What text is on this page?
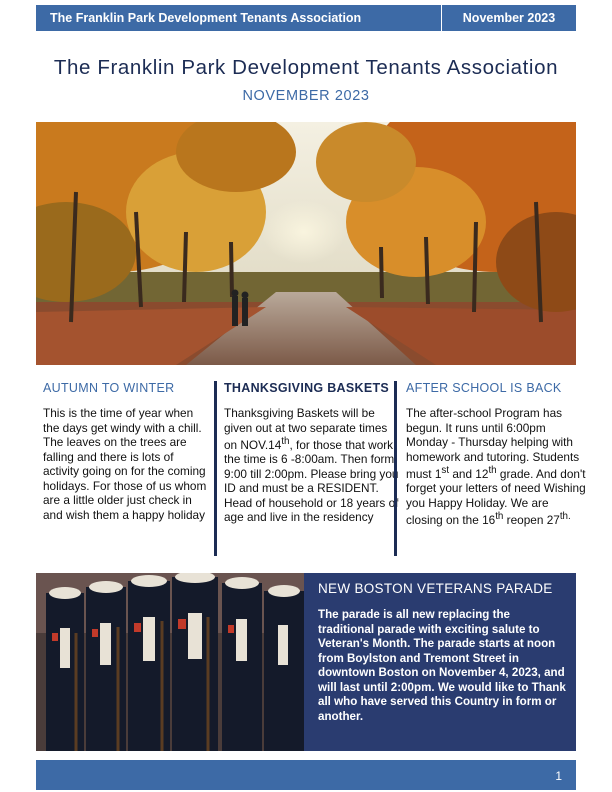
The Franklin Park Development Tenants Association	November 2023
The Franklin Park Development Tenants Association
NOVEMBER 2023
AUTUMN TO WINTER

This is the time of year when the days get windy with a chill. The leaves on the trees are falling and there is lots of activity going on for the coming holidays. For those of us whom are a little older just check in and wish them a happy holiday

THANKSGIVING BASKETS

Thanksgiving Baskets will be given out at two separate times on NOV.14th, for those that work the time is 6 -8:00am. Then form 9:00 till 2:00pm. Please bring you ID and must be a RESIDENT. Head of household or 18 years of age and live in the residency

AFTER SCHOOL IS BACK

The after-school Program has begun. It runs until 6:00pm Monday - Thursday helping with homework and tutoring. Students must 1st and 12th grade. And don't forget your letters of need Wishing you Happy Holiday. We are closing on the 16th reopen $27^{th.}$

NEW BOSTON VETERANS PARADE

The parade is all new replacing the traditional parade with exciting salute to Veteran's Month. The parade starts at noon from Boylston and Tremont Street in downtown Boston on November 4, 2023, and will last until 2:00pm. We would like to Thank all who have served this Country in form or another.

1
